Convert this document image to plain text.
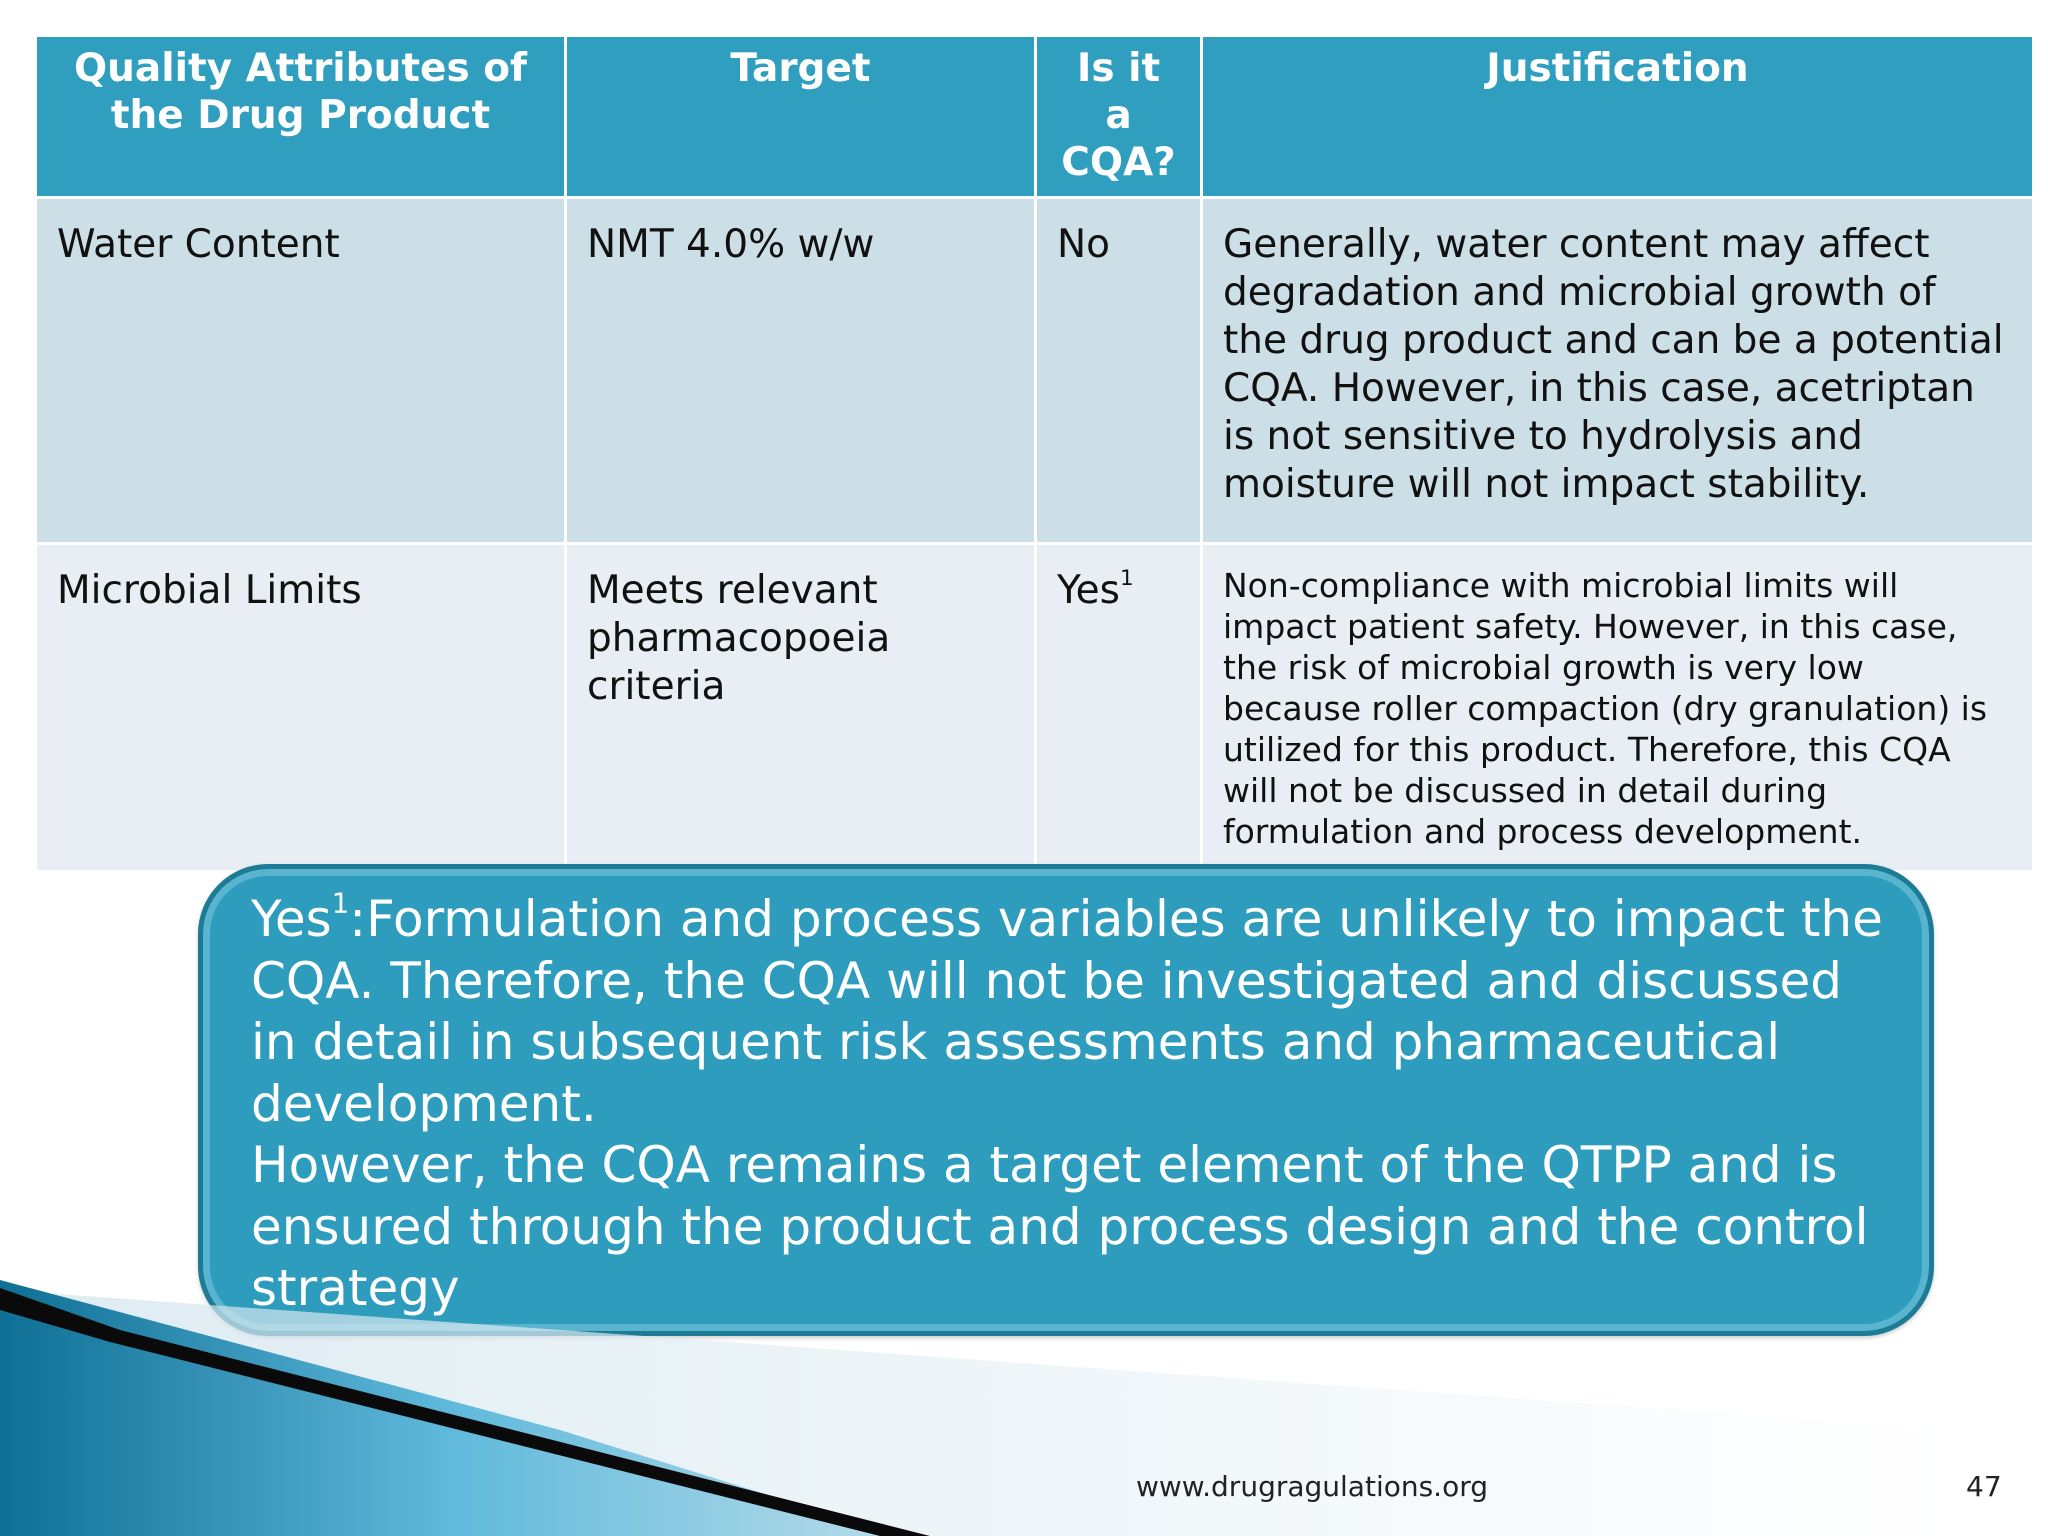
Quality Attributes of the Drug Product	Target	Is it a CQA?	Justification
Water Content	NMT 4.0% w/w	No	Generally, water content may affect degradation and microbial growth of the drug product and can be a potential CQA. However, in this case, acetriptan is not sensitive to hydrolysis and moisture will not impact stability.
Microbial Limits	Meets relevant pharmacopoeia criteria	Yes$^1$	Non-compliance with microbial limits will impact patient safety. However, in this case, the risk of microbial growth is very low because roller compaction (dry granulation) is utilized for this product. Therefore, this CQA will not be discussed in detail during formulation and process development.

Yes$^1$:Formulation and process variables are unlikely to impact the CQA. Therefore, the CQA will not be investigated and discussed in detail in subsequent risk assessments and pharmaceutical development.

However, the CQA remains a target element of the QTPP and is ensured through the product and process design and the control strategy

www.drugragulations.org	47
